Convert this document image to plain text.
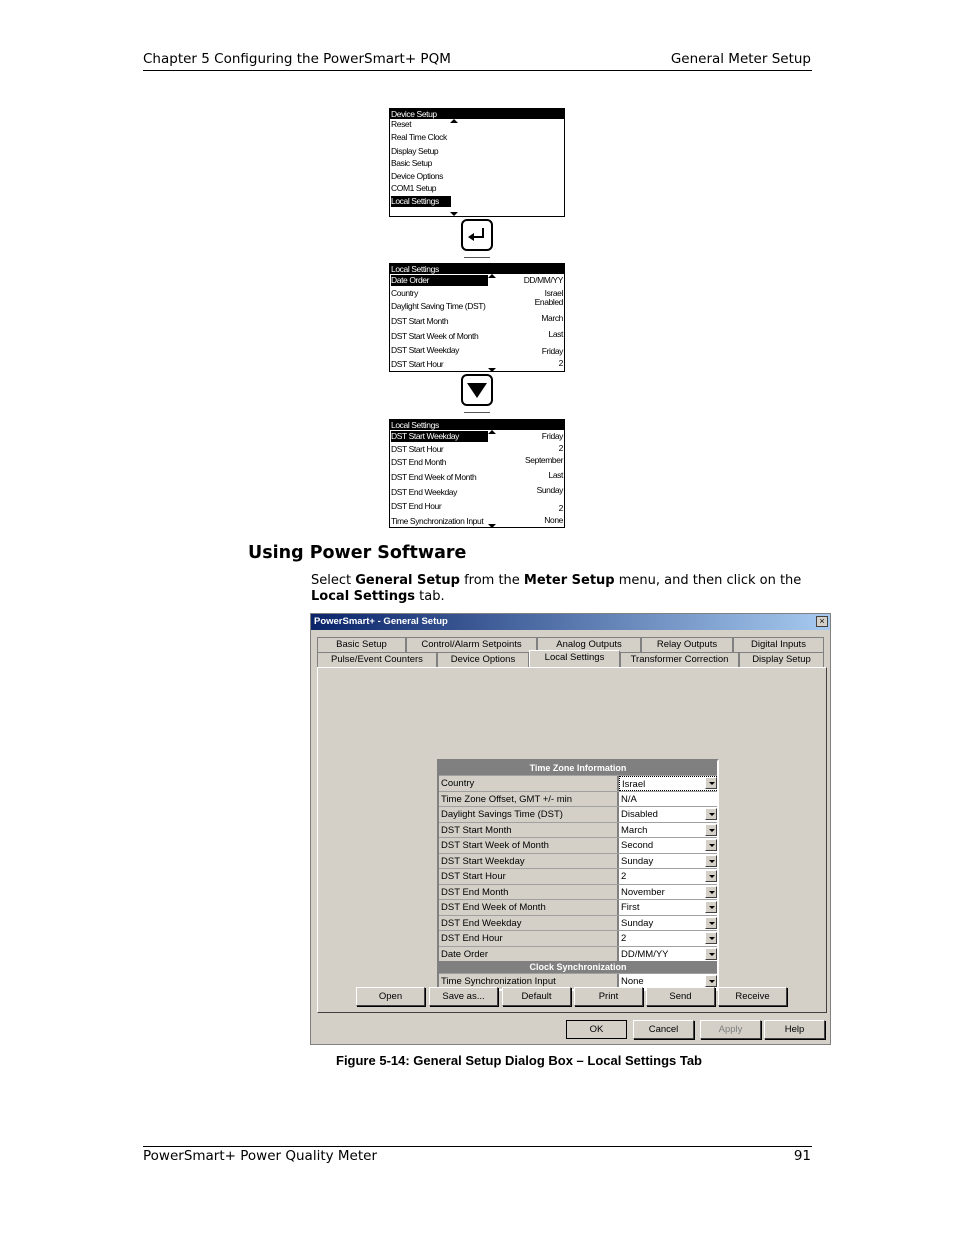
Chapter 5 Configuring the PowerSmart+ PQM	General Meter Setup
Device Setup
Reset
Real Time Clock
Display Setup
Basic Setup
Device Options
COM1 Setup
Local Settings
Local Settings
Date Order	DD/MM/YY
Country	Israel
Daylight Saving Time (DST)	Enabled
DST Start Month	March
DST Start Week of Month	Last
DST Start Weekday	Friday
DST Start Hour	2
Local Settings
DST Start Weekday	Friday
DST Start Hour	2
DST End Month	September
DST End Week of Month	Last
DST End Weekday	Sunday
DST End Hour	2
Time Synchronization Input	None
Using Power Software
Select General Setup from the Meter Setup menu, and then click on the Local Settings tab.
PowerSmart+ - General Setup	×
Basic Setup	Control/Alarm Setpoints	Analog Outputs	Relay Outputs	Digital Inputs
Pulse/Event Counters	Device Options	Local Settings	Transformer Correction	Display Setup
Time Zone Information
Country	Israel
Time Zone Offset, GMT +/- min	N/A
Daylight Savings Time (DST)	Disabled
DST Start Month	March
DST Start Week of Month	Second
DST Start Weekday	Sunday
DST Start Hour	2
DST End Month	November
DST End Week of Month	First
DST End Weekday	Sunday
DST End Hour	2
Date Order	DD/MM/YY
Clock Synchronization
Time Synchronization Input	None
Open	Save as...	Default	Print	Send	Receive
OK	Cancel	Apply	Help
Figure 5-14: General Setup Dialog Box – Local Settings Tab
PowerSmart+ Power Quality Meter	91
